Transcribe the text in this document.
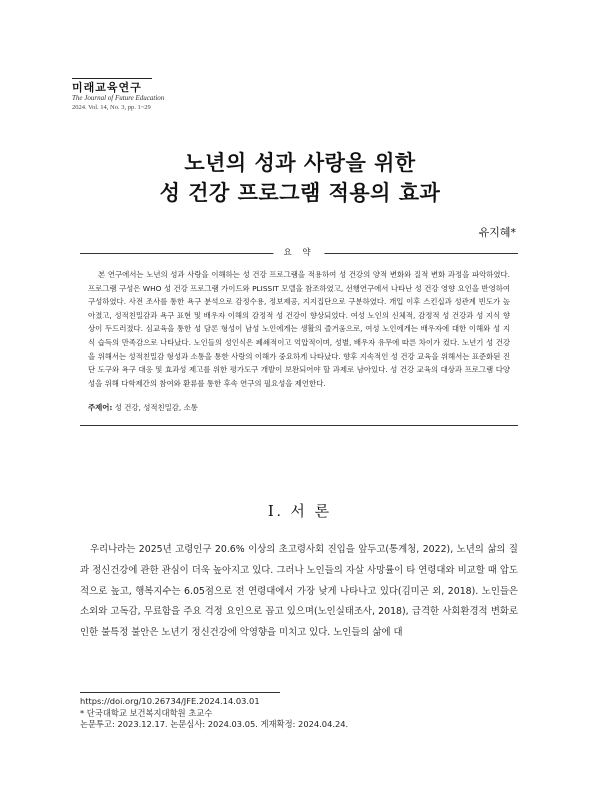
미래교육연구
The Journal of Future Education
2024. Vol. 14, No. 3, pp. 1~29
노년의 성과 사랑을 위한
성 건강 프로그램 적용의 효과
유지혜*
요 약
본 연구에서는 노년의 성과 사랑을 이해하는 성 건강 프로그램을 적용하여 성 건강의 양적 변화와 질적 변화 과정을 파악하였다. 프로그램 구성은 WHO 성 건강 프로그램 가이드와 PLISSIT 모델을 참조하였고, 선행연구에서 나타난 성 건강 영향 요인을 반영하여 구성하였다. 사전 조사를 통한 욕구 분석으로 감정수용, 정보제공, 지지집단으로 구분하였다. 개입 이후 스킨십과 성관계 빈도가 높아졌고, 성적친밀감과 욕구 표현 및 배우자 이해의 감정적 성 건강이 향상되었다. 여성 노인의 신체적, 감정적 성 건강과 성 지식 향상이 두드러졌다. 심교육을 통한 성 담론 형성이 남성 노인에게는 생활의 즐거움으로, 여성 노인에게는 배우자에 대한 이해와 성 지식 습득의 만족감으로 나타났다. 노인들의 성인식은 폐쇄적이고 억압적이며, 성별, 배우자 유무에 따른 차이가 컸다. 노년기 성 건강을 위해서는 성적친밀감 형성과 소통을 통한 사랑의 이해가 중요하게 나타났다. 향후 지속적인 성 건강 교육을 위해서는 표준화된 진단 도구와 욕구 대응 및 효과성 제고를 위한 평가도구 개발이 보완되어야 할 과제로 남아있다. 성 건강 교육의 대상과 프로그램 다양성을 위해 다학제간의 참여와 환류를 통한 후속 연구의 필요성을 제언한다.
주제어: 성 건강, 성적친밀감, 소통
Ⅰ. 서 론
우리나라는 2025년 고령인구 20.6% 이상의 초고령사회 진입을 앞두고(통계청, 2022), 노년의 삶의 질과 정신건강에 관한 관심이 더욱 높아지고 있다. 그러나 노인들의 자살 사망률이 타 연령대와 비교할 때 압도적으로 높고, 행복지수는 6.05점으로 전 연령대에서 가장 낮게 나타나고 있다(김미곤 외, 2018). 노인들은 소외와 고독감, 무료함을 주요 걱정 요인으로 꼽고 있으며(노인실태조사, 2018), 급격한 사회환경적 변화로 인한 불특정 불안은 노년기 정신건강에 악영향을 미치고 있다. 노인들의 삶에 대
https://doi.org/10.26734/JFE.2024.14.03.01
* 단국대학교 보건복지대학원 초교수
논문투고: 2023.12.17. 논문심사: 2024.03.05. 게재확정: 2024.04.24.
